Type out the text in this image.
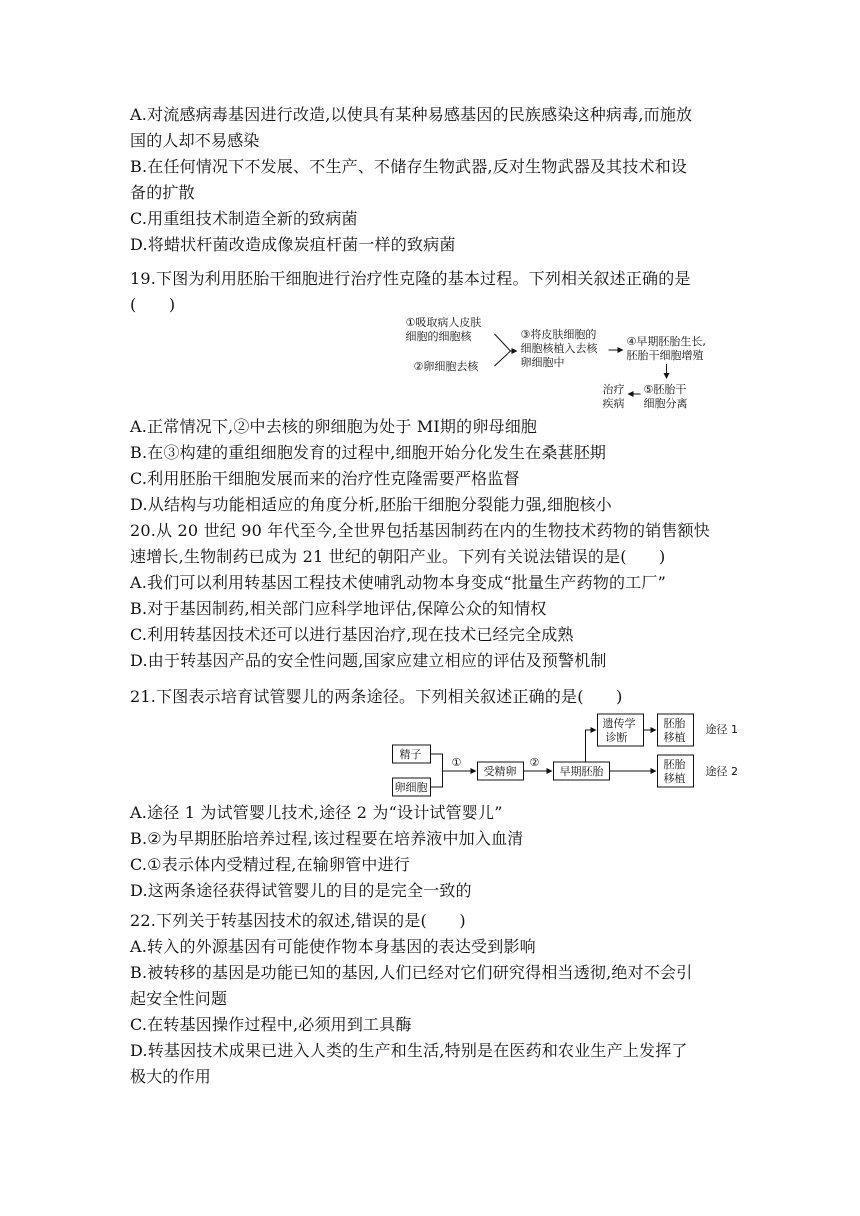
A.对流感病毒基因进行改造,以使具有某种易感基因的民族感染这种病毒,而施放
国的人却不易感染
B.在任何情况下不发展、不生产、不储存生物武器,反对生物武器及其技术和设
备的扩散
C.用重组技术制造全新的致病菌
D.将蜡状杆菌改造成像炭疽杆菌一样的致病菌
19.下图为利用胚胎干细胞进行治疗性克隆的基本过程。下列相关叙述正确的是
(　　)
①吸取病人皮肤
细胞的细胞核
②卵细胞去核
③将皮肤细胞的
细胞核植入去核
卵细胞中
④早期胚胎生长,
胚胎干细胞增殖
⑤胚胎干
细胞分离
治疗
疾病
A.正常情况下,②中去核的卵细胞为处于 MⅠ期的卵母细胞
B.在③构建的重组细胞发育的过程中,细胞开始分化发生在桑葚胚期
C.利用胚胎干细胞发展而来的治疗性克隆需要严格监督
D.从结构与功能相适应的角度分析,胚胎干细胞分裂能力强,细胞核小
20.从 20 世纪 90 年代至今,全世界包括基因制药在内的生物技术药物的销售额快
速增长,生物制药已成为 21 世纪的朝阳产业。下列有关说法错误的是(　　)
A.我们可以利用转基因工程技术使哺乳动物本身变成“批量生产药物的工厂”
B.对于基因制药,相关部门应科学地评估,保障公众的知情权
C.利用转基因技术还可以进行基因治疗,现在技术已经完全成熟
D.由于转基因产品的安全性问题,国家应建立相应的评估及预警机制
21.下图表示培育试管婴儿的两条途径。下列相关叙述正确的是(　　)
精子
卵细胞
①
受精卵
②
早期胚胎
遗传学
诊断
胚胎
移植
途径 1
胚胎
移植
途径 2
A.途径 1 为试管婴儿技术,途径 2 为“设计试管婴儿”
B.②为早期胚胎培养过程,该过程要在培养液中加入血清
C.①表示体内受精过程,在输卵管中进行
D.这两条途径获得试管婴儿的目的是完全一致的
22.下列关于转基因技术的叙述,错误的是(　　)
A.转入的外源基因有可能使作物本身基因的表达受到影响
B.被转移的基因是功能已知的基因,人们已经对它们研究得相当透彻,绝对不会引
起安全性问题
C.在转基因操作过程中,必须用到工具酶
D.转基因技术成果已进入人类的生产和生活,特别是在医药和农业生产上发挥了
极大的作用
